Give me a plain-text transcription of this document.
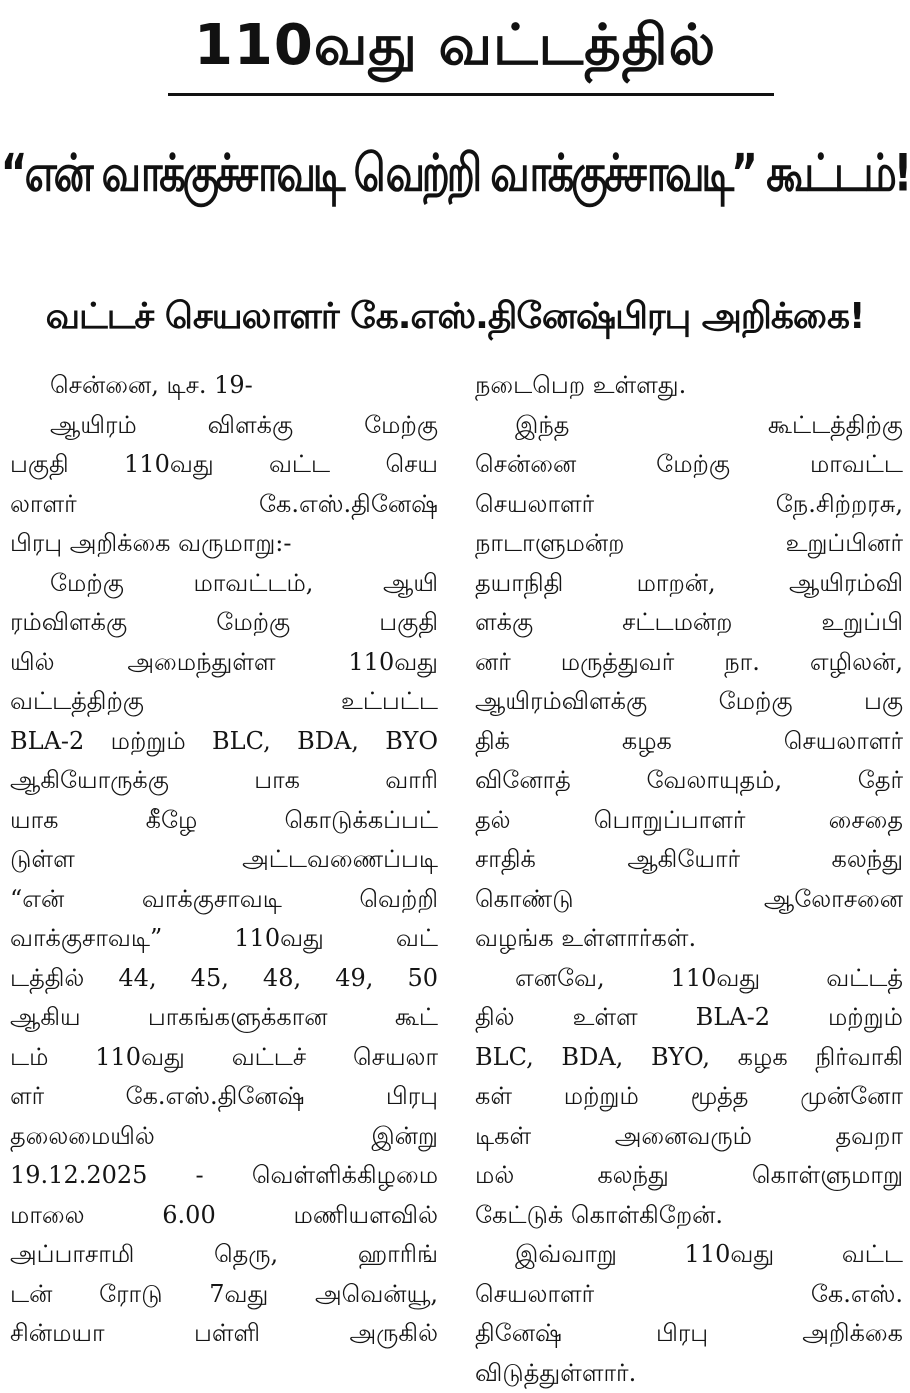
110வது வட்டத்தில்
“என் வாக்குச்சாவடி வெற்றி வாக்குச்சாவடி” கூட்டம்!
வட்டச் செயலாளர் கே.எஸ்.தினேஷ்பிரபு அறிக்கை!
சென்னை, டிச. 19-
ஆயிரம் விளக்கு மேற்கு
பகுதி 110வது வட்ட செய
லாளர் கே.எஸ்.தினேஷ்
பிரபு அறிக்கை வருமாறு:-
மேற்கு மாவட்டம், ஆயி
ரம்விளக்கு மேற்கு பகுதி
யில் அமைந்துள்ள 110வது
வட்டத்திற்கு உட்பட்ட
BLA-2 மற்றும் BLC, BDA, BYO
ஆகியோருக்கு பாக வாரி
யாக கீழே கொடுக்கப்பட்
டுள்ள அட்டவணைப்படி
“என் வாக்குசாவடி வெற்றி
வாக்குசாவடி” 110வது வட்
டத்தில் 44, 45, 48, 49, 50
ஆகிய பாகங்களுக்கான கூட்
டம் 110வது வட்டச் செயலா
ளர் கே.எஸ்.தினேஷ் பிரபு
தலைமையில் இன்று
19.12.2025 - வெள்ளிக்கிழமை
மாலை 6.00 மணியளவில்
அப்பாசாமி தெரு, ஹாரிங்
டன் ரோடு 7வது அவென்யூ,
சின்மயா பள்ளி அருகில்
நடைபெற உள்ளது.
இந்த கூட்டத்திற்கு
சென்னை மேற்கு மாவட்ட
செயலாளர் நே.சிற்றரசு,
நாடாளுமன்ற உறுப்பினர்
தயாநிதி மாறன், ஆயிரம்வி
ளக்கு சட்டமன்ற உறுப்பி
னர் மருத்துவர் நா. எழிலன்,
ஆயிரம்விளக்கு மேற்கு பகு
திக் கழக செயலாளர்
வினோத் வேலாயுதம், தேர்
தல் பொறுப்பாளர் சைதை
சாதிக் ஆகியோர் கலந்து
கொண்டு ஆலோசனை
வழங்க உள்ளார்கள்.
எனவே, 110வது வட்டத்
தில் உள்ள BLA-2 மற்றும்
BLC, BDA, BYO, கழக நிர்வாகி
கள் மற்றும் மூத்த முன்னோ
டிகள் அனைவரும் தவறா
மல் கலந்து கொள்ளுமாறு
கேட்டுக் கொள்கிறேன்.
இவ்வாறு 110வது வட்ட
செயலாளர் கே.எஸ்.
தினேஷ் பிரபு அறிக்கை
விடுத்துள்ளார்.
